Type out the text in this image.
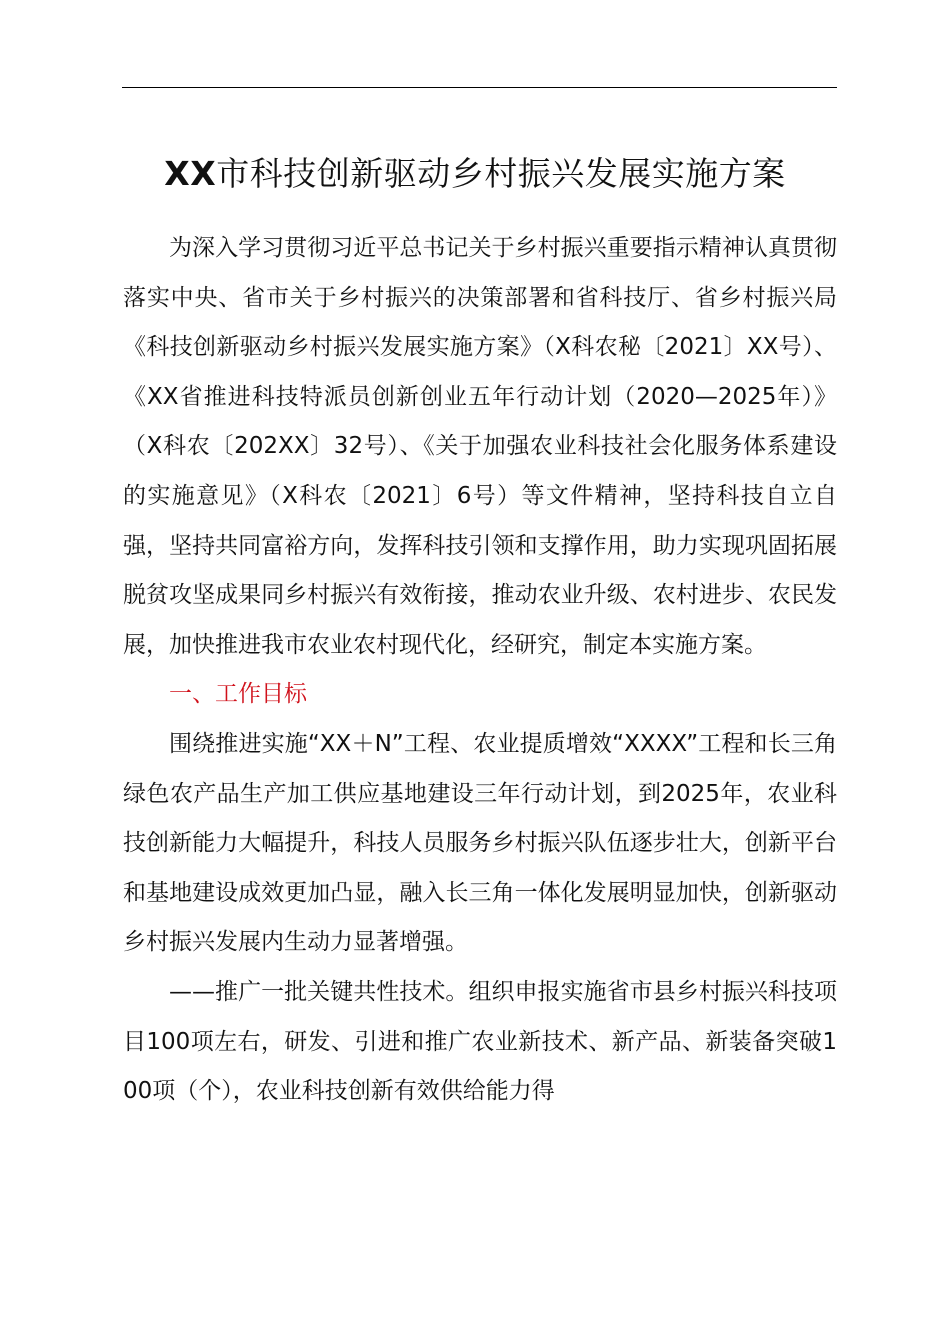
XX市科技创新驱动乡村振兴发展实施方案

为深入学习贯彻习近平总书记关于乡村振兴重要指示精神认真贯彻落实中央、省市关于乡村振兴的决策部署和省科技厅、省乡村振兴局《科技创新驱动乡村振兴发展实施方案》（X科农秘〔2021〕XX号）、《XX省推进科技特派员创新创业五年行动计划（2020—2025年）》（X科农〔202XX〕32号）、《关于加强农业科技社会化服务体系建设的实施意见》（X科农〔2021〕6号）等文件精神，坚持科技自立自强，坚持共同富裕方向，发挥科技引领和支撑作用，助力实现巩固拓展脱贫攻坚成果同乡村振兴有效衔接，推动农业升级、农村进步、农民发展，加快推进我市农业农村现代化，经研究，制定本实施方案。

一、工作目标

围绕推进实施“XX＋N”工程、农业提质增效“XXXX”工程和长三角绿色农产品生产加工供应基地建设三年行动计划，到2025年，农业科技创新能力大幅提升，科技人员服务乡村振兴队伍逐步壮大，创新平台和基地建设成效更加凸显，融入长三角一体化发展明显加快，创新驱动乡村振兴发展内生动力显著增强。

——推广一批关键共性技术。组织申报实施省市县乡村振兴科技项目100项左右，研发、引进和推广农业新技术、新产品、新装备突破100项（个），农业科技创新有效供给能力得
